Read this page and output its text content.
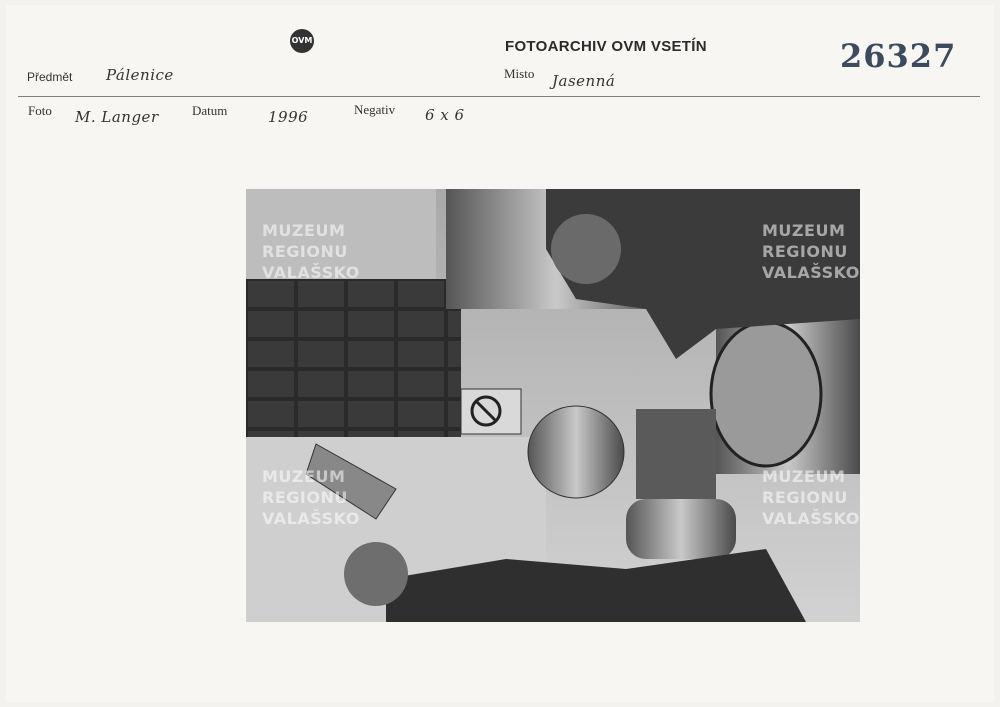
OVM	FOTOARCHIV OVM VSETÍN	26327
Předmět Pálenice	Misto Jasenná
Foto M. Langer	Datum	1996	Negativ 6 x 6
MUZEUM
REGIONU
VALAŠSKO
MUZEUM
REGIONU
VALAŠSKO
MUZEUM
REGIONU
VALAŠSKO
MUZEUM
REGIONU
VALAŠSKO
